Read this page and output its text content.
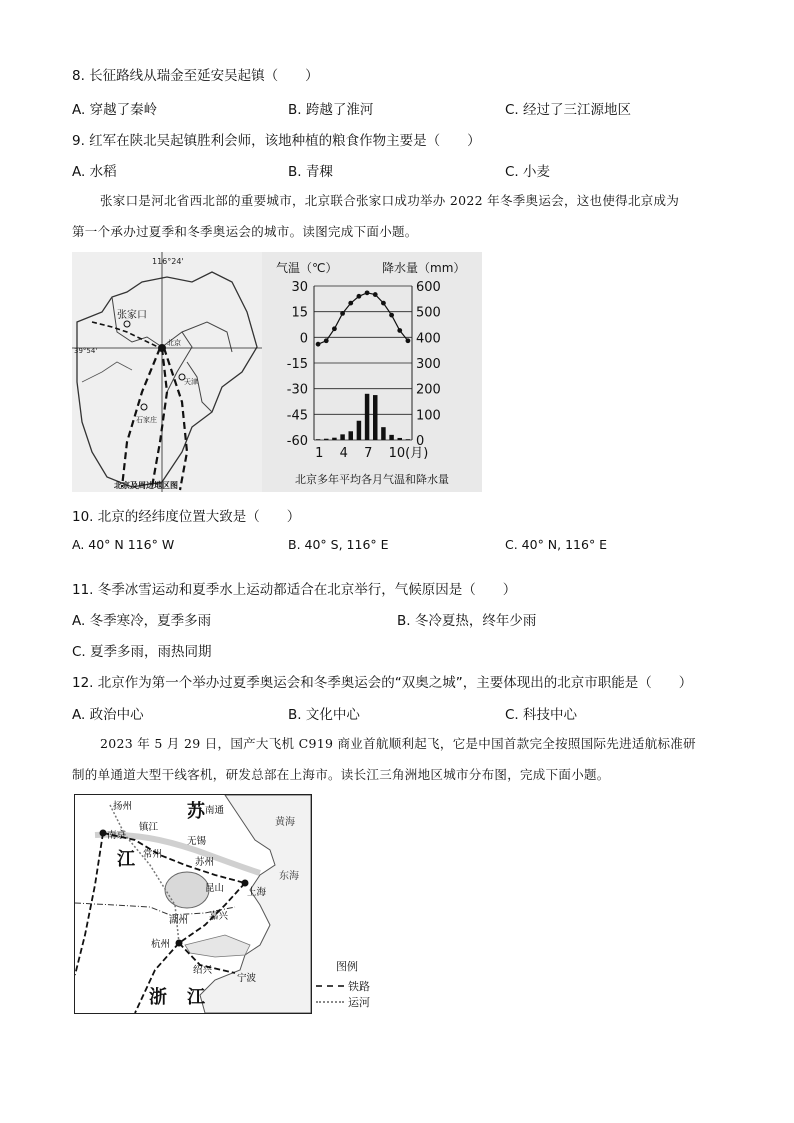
8. 长征路线从瑞金至延安吴起镇（　　）
A. 穿越了秦岭	B. 跨越了淮河	C. 经过了三江源地区
9. 红军在陕北吴起镇胜利会师，该地种植的粮食作物主要是（　　）
A. 水稻	B. 青稞	C. 小麦
张家口是河北省西北部的重要城市，北京联合张家口成功举办 2022 年冬季奥运会，这也使得北京成为
第一个承办过夏季和冬季奥运会的城市。读图完成下面小题。
116°24'
39°54'
张家口
北京
天津
石家庄
北京及周边地区图
气温（℃）	降水量（mm）
30	600
15	500
0	400
-15	300
-30	200
-45	100
-60	0
1 4 7 10(月)
北京多年平均各月气温和降水量
10. 北京的经纬度位置大致是（　　）
A. 40° N 116° W	B. 40° S, 116° E	C. 40° N, 116° E
11. 冬季冰雪运动和夏季水上运动都适合在北京举行，气候原因是（　　）
A. 冬季寒冷，夏季多雨	B. 冬冷夏热，终年少雨
C. 夏季多雨，雨热同期
12. 北京作为第一个举办过夏季奥运会和冬季奥运会的“双奥之城”，主要体现出的北京市职能是（　　）
A. 政治中心	B. 文化中心	C. 科技中心
2023 年 5 月 29 日，国产大飞机 C919 商业首航顺利起飞，它是中国首款完全按照国际先进适航标准研
制的单通道大型干线客机，研发总部在上海市。读长江三角洲地区城市分布图，完成下面小题。
苏
江
浙 江
黄海
东海
扬州	南通
南京
镇江
常州
无锡
苏州
昆山 上海
湖州 嘉兴
杭州
绍兴
宁波
图例
铁路
运河
